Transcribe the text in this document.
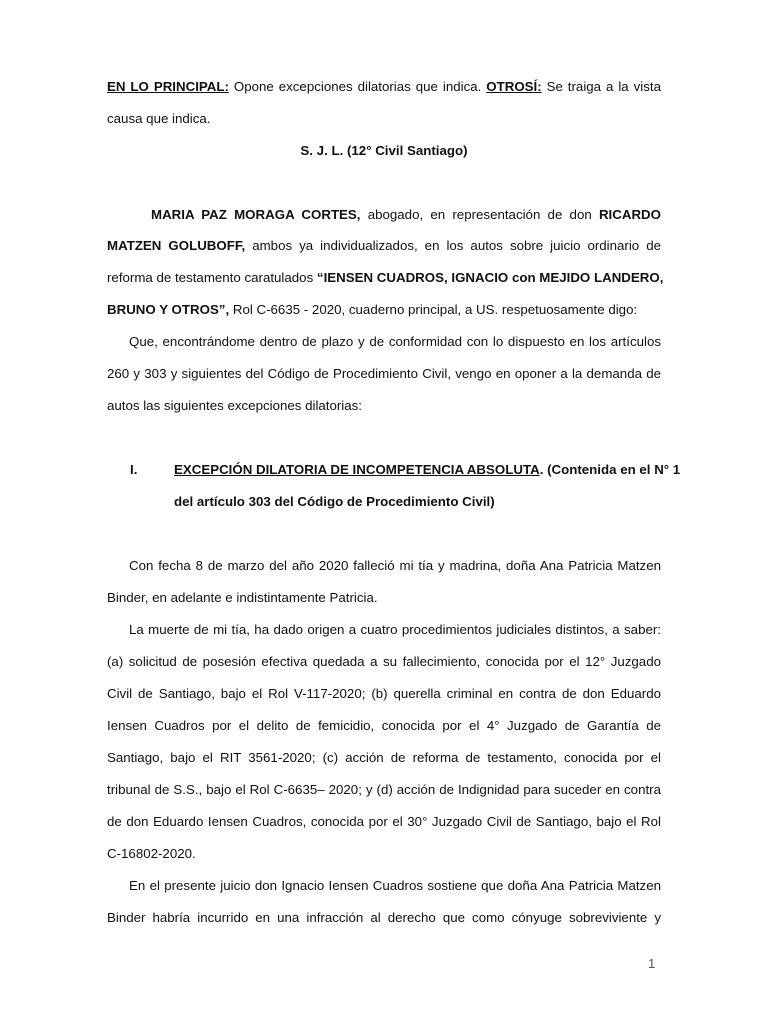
EN LO PRINCIPAL: Opone excepciones dilatorias que indica. OTROSÍ: Se traiga a la vista
causa que indica.
S. J. L. (12° Civil Santiago)
MARIA PAZ MORAGA CORTES, abogado, en representación de don RICARDO
MATZEN GOLUBOFF, ambos ya individualizados, en los autos sobre juicio ordinario de
reforma de testamento caratulados “IENSEN CUADROS, IGNACIO con MEJIDO LANDERO,
BRUNO Y OTROS”, Rol C-6635 - 2020, cuaderno principal, a US. respetuosamente digo:
Que, encontrándome dentro de plazo y de conformidad con lo dispuesto en los artículos
260 y 303 y siguientes del Código de Procedimiento Civil, vengo en oponer a la demanda de
autos las siguientes excepciones dilatorias:
I.	EXCEPCIÓN DILATORIA DE INCOMPETENCIA ABSOLUTA. (Contenida en el N° 1
del artículo 303 del Código de Procedimiento Civil)
Con fecha 8 de marzo del año 2020 falleció mi tía y madrina, doña Ana Patricia Matzen
Binder, en adelante e indistintamente Patricia.
La muerte de mi tía, ha dado origen a cuatro procedimientos judiciales distintos, a saber:
(a) solicitud de posesión efectiva quedada a su fallecimiento, conocida por el 12° Juzgado
Civil de Santiago, bajo el Rol V-117-2020; (b) querella criminal en contra de don Eduardo
Iensen Cuadros por el delito de femicidio, conocida por el 4° Juzgado de Garantía de
Santiago, bajo el RIT 3561-2020; (c) acción de reforma de testamento, conocida por el
tribunal de S.S., bajo el Rol C-6635– 2020; y (d) acción de Indignidad para suceder en contra
de don Eduardo Iensen Cuadros, conocida por el 30° Juzgado Civil de Santiago, bajo el Rol
C-16802-2020.
En el presente juicio don Ignacio Iensen Cuadros sostiene que doña Ana Patricia Matzen
Binder habría incurrido en una infracción al derecho que como cónyuge sobreviviente y
1
